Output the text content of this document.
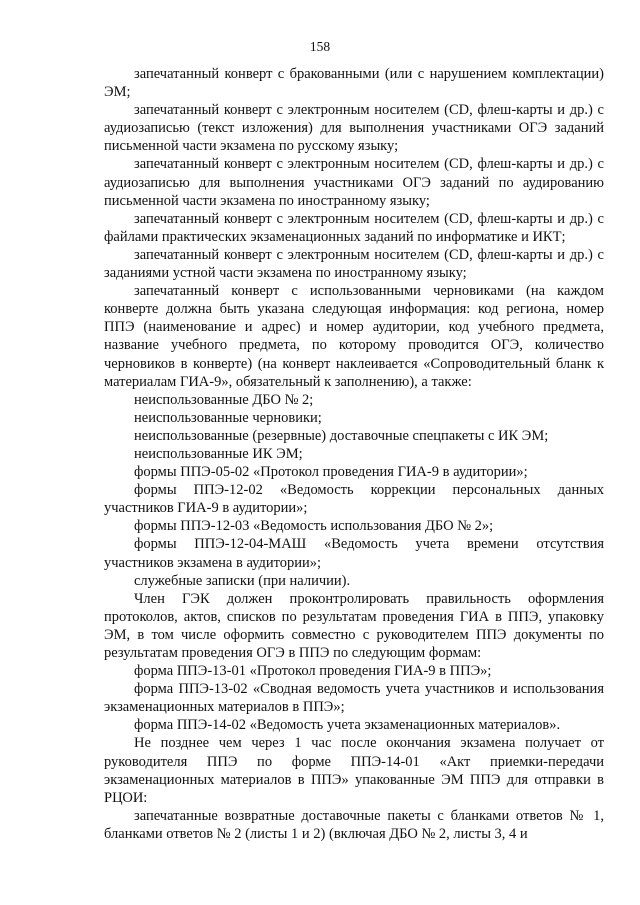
158

запечатанный конверт с бракованными (или с нарушением комплектации) ЭМ;

запечатанный конверт с электронным носителем (CD, флеш-карты и др.) с аудиозаписью (текст изложения) для выполнения участниками ОГЭ заданий письменной части экзамена по русскому языку;

запечатанный конверт с электронным носителем (CD, флеш-карты и др.) с аудиозаписью для выполнения участниками ОГЭ заданий по аудированию письменной части экзамена по иностранному языку;

запечатанный конверт с электронным носителем (CD, флеш-карты и др.) с файлами практических экзаменационных заданий по информатике и ИКТ;

запечатанный конверт с электронным носителем (CD, флеш-карты и др.) с заданиями устной части экзамена по иностранному языку;

запечатанный конверт с использованными черновиками (на каждом конверте должна быть указана следующая информация: код региона, номер ППЭ (наименование и адрес) и номер аудитории, код учебного предмета, название учебного предмета, по которому проводится ОГЭ, количество черновиков в конверте) (на конверт наклеивается «Сопроводительный бланк к материалам ГИА-9», обязательный к заполнению), а также:

неиспользованные ДБО № 2;

неиспользованные черновики;

неиспользованные (резервные) доставочные спецпакеты с ИК ЭМ;

неиспользованные ИК ЭМ;

формы ППЭ-05-02 «Протокол проведения ГИА-9 в аудитории»;

формы ППЭ-12-02 «Ведомость коррекции персональных данных участников ГИА-9 в аудитории»;

формы ППЭ-12-03 «Ведомость использования ДБО № 2»;

формы ППЭ-12-04-МАШ «Ведомость учета времени отсутствия участников экзамена в аудитории»;

служебные записки (при наличии).

Член ГЭК должен проконтролировать правильность оформления протоколов, актов, списков по результатам проведения ГИА в ППЭ, упаковку ЭМ, в том числе оформить совместно с руководителем ППЭ документы по результатам проведения ОГЭ в ППЭ по следующим формам:

форма ППЭ-13-01 «Протокол проведения ГИА-9 в ППЭ»;

форма ППЭ-13-02 «Сводная ведомость учета участников и использования экзаменационных материалов в ППЭ»;

форма ППЭ-14-02 «Ведомость учета экзаменационных материалов».

Не позднее чем через 1 час после окончания экзамена получает от руководителя ППЭ по форме ППЭ-14-01 «Акт приемки-передачи экзаменационных материалов в ППЭ» упакованные ЭМ ППЭ для отправки в РЦОИ:

запечатанные возвратные доставочные пакеты с бланками ответов № 1, бланками ответов № 2 (листы 1 и 2) (включая ДБО № 2, листы 3, 4 и
